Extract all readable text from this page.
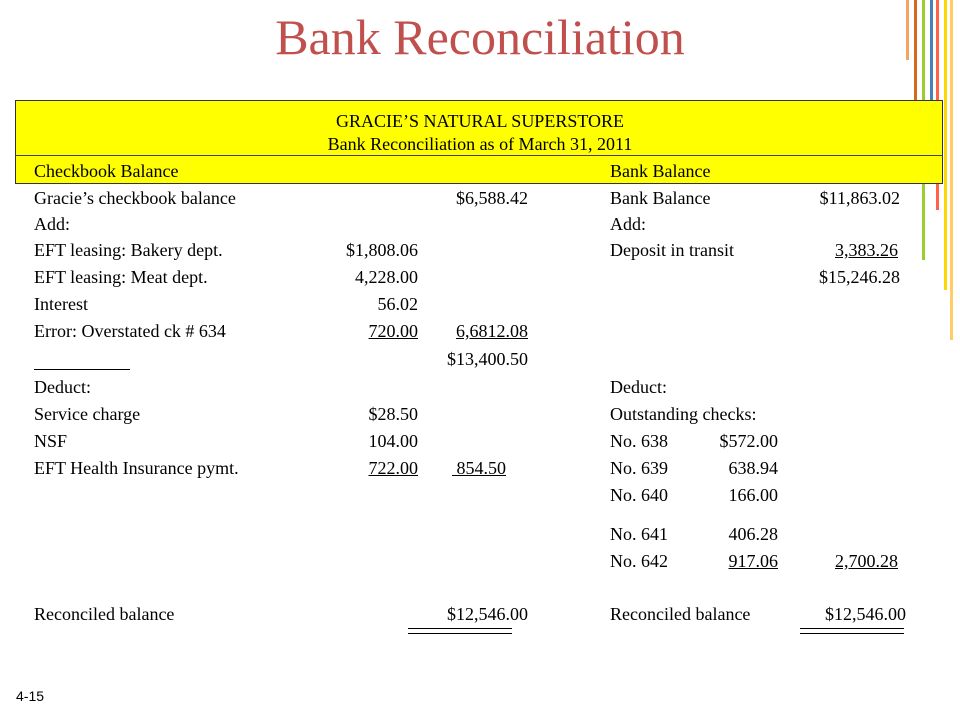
Bank Reconciliation
GRACIE’S NATURAL SUPERSTORE
Bank Reconciliation as of March 31, 2011
Checkbook Balance
Gracie’s checkbook balance	$6,588.42
Add:
EFT leasing: Bakery dept.	$1,808.06
EFT leasing: Meat dept.	4,228.00
Interest	56.02
Error: Overstated ck # 634	720.00	6,6812.08
$13,400.50
Deduct:
Service charge	$28.50
NSF	104.00
EFT Health Insurance pymt.	722.00	854.50
Reconciled balance	$12,546.00
Bank Balance
Bank Balance	$11,863.02
Add:
Deposit in transit	3,383.26
$15,246.28
Deduct:
Outstanding checks:
No. 638	$572.00
No. 639	638.94
No. 640	166.00
No. 641	406.28
No. 642	917.06	2,700.28
Reconciled balance	$12,546.00
4-15
